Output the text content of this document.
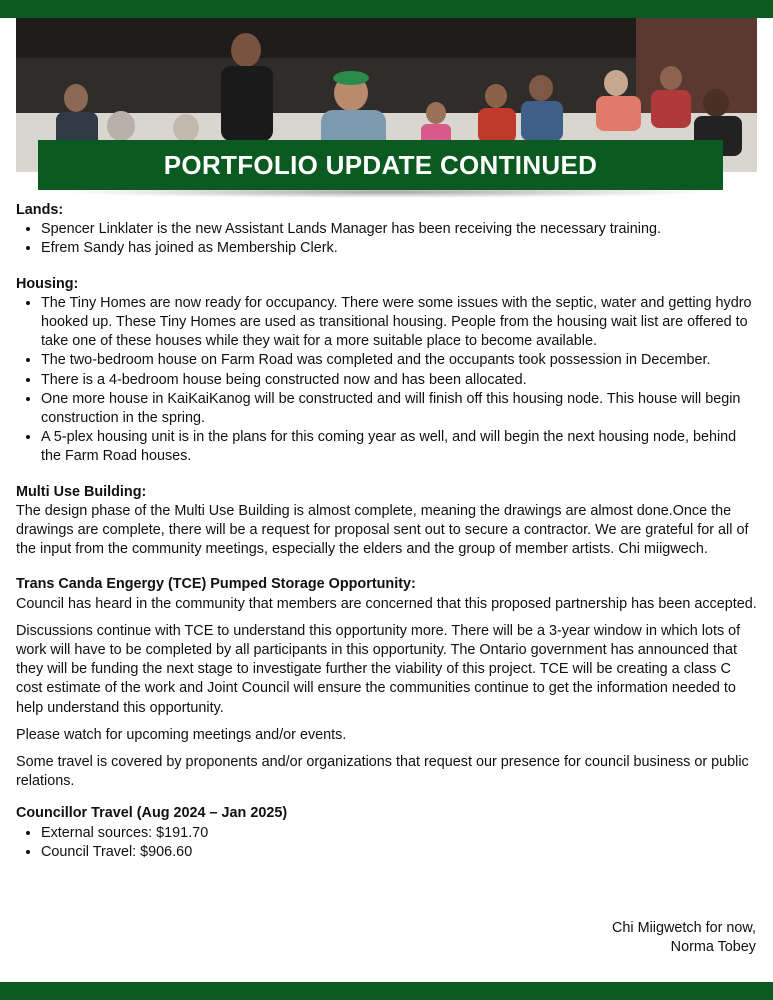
PORTFOLIO UPDATE CONTINUED

Lands:

• Spencer Linklater is the new Assistant Lands Manager has been receiving the necessary training.
• Efrem Sandy has joined as Membership Clerk.

Housing:

• The Tiny Homes are now ready for occupancy. There were some issues with the septic, water and getting hydro hooked up. These Tiny Homes are used as transitional housing. People from the housing wait list are offered to take one of these houses while they wait for a more suitable place to become available.
• The two-bedroom house on Farm Road was completed and the occupants took possession in December.
• There is a 4-bedroom house being constructed now and has been allocated.
• One more house in KaiKaiKanog will be constructed and will finish off this housing node. This house will begin construction in the spring.
• A 5-plex housing unit is in the plans for this coming year as well, and will begin the next housing node, behind the Farm Road houses.

Multi Use Building:

The design phase of the Multi Use Building is almost complete, meaning the drawings are almost done.Once the drawings are complete, there will be a request for proposal sent out to secure a contractor. We are grateful for all of the input from the community meetings, especially the elders and the group of member artists. Chi miigwech.

Trans Canda Engergy (TCE) Pumped Storage Opportunity:

Council has heard in the community that members are concerned that this proposed partnership has been accepted.

Discussions continue with TCE to understand this opportunity more. There will be a 3-year window in which lots of work will have to be completed by all participants in this opportunity. The Ontario government has announced that they will be funding the next stage to investigate further the viability of this project. TCE will be creating a class C cost estimate of the work and Joint Council will ensure the communities continue to get the information needed to help understand this opportunity.

Please watch for upcoming meetings and/or events.

Some travel is covered by proponents and/or organizations that request our presence for council business or public relations.

Councillor Travel (Aug 2024 – Jan 2025)

• External sources: $191.70
• Council Travel: $906.60
Chi Miigwetch for now,
Norma Tobey
